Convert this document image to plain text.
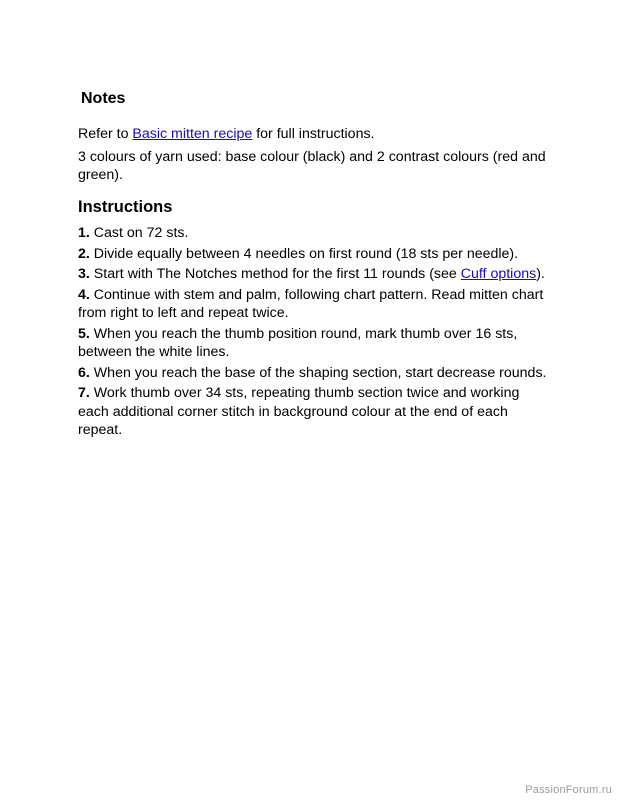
Notes

Refer to Basic mitten recipe for full instructions.

3 colours of yarn used: base colour (black) and 2 contrast colours (red and green).

Instructions
1. Cast on 72 sts.
2. Divide equally between 4 needles on first round (18 sts per needle).
3. Start with The Notches method for the first 11 rounds (see Cuff options).
4. Continue with stem and palm, following chart pattern. Read mitten chart from right to left and repeat twice.
5. When you reach the thumb position round, mark thumb over 16 sts, between the white lines.
6. When you reach the base of the shaping section, start decrease rounds.
7. Work thumb over 34 sts, repeating thumb section twice and working each additional corner stitch in background colour at the end of each repeat.
PassionForum.ru
